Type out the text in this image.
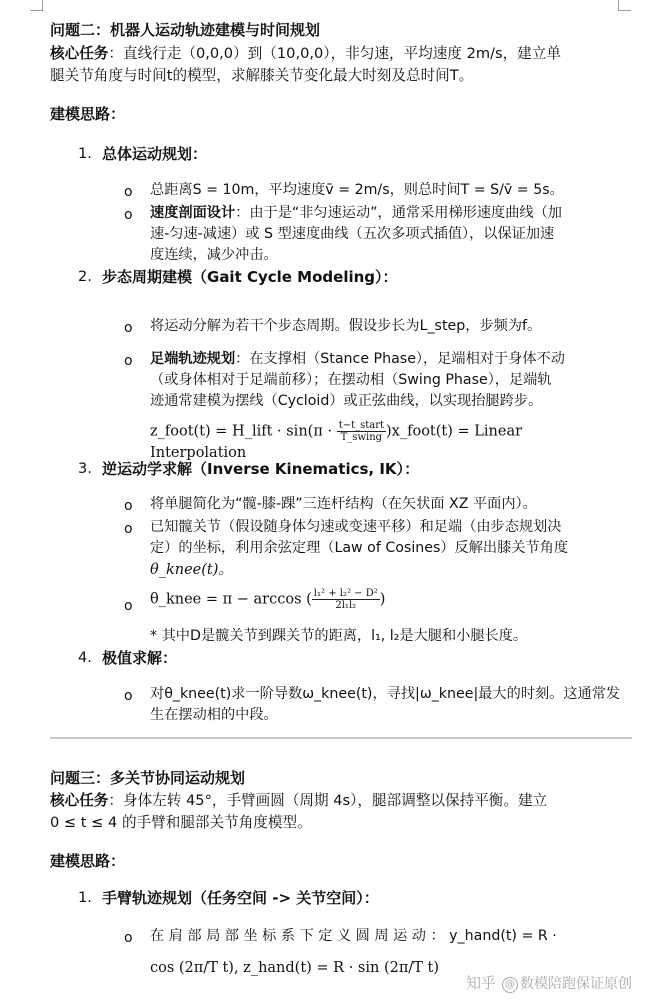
问题二：机器人运动轨迹建模与时间规划
核心任务：直线行走（0,0,0）到（10,0,0），非匀速，平均速度 2m/s，建立单
腿关节角度与时间t的模型，求解膝关节变化最大时刻及总时间T。
建模思路：
1. 总体运动规划：
o 总距离S = 10m，平均速度v̄ = 2m/s，则总时间T = S/v̄ = 5s。
o 速度剖面设计：由于是“非匀速运动”，通常采用梯形速度曲线（加
速-匀速-减速）或 S 型速度曲线（五次多项式插值），以保证加速
度连续，减少冲击。
2. 步态周期建模（Gait Cycle Modeling）：
o 将运动分解为若干个步态周期。假设步长为L_step，步频为f。
o 足端轨迹规划：在支撑相（Stance Phase），足端相对于身体不动
（或身体相对于足端前移）；在摆动相（Swing Phase），足端轨
迹通常建模为摆线（Cycloid）或正弦曲线，以实现抬腿跨步。
z_foot(t) = H_lift · $\sin(\pi \cdot \frac{\text{t−t\_start}}{\text{T\_swing}}$ )x_foot(t) = Linear Interpolation
3. 逆运动学求解（Inverse Kinematics, IK）：
o 将单腿简化为“髋-膝-踝”三连杆结构（在矢状面 XZ 平面内）。
o 已知髋关节（假设随身体匀速或变速平移）和足端（由步态规划决
定）的坐标，利用余弦定理（Law of Cosines）反解出膝关节角度
θ_knee(t)。
o θ_knee = π − arccos ( $\frac{\text{l₁² + l₂² − D²}}{\text{2l₁l₂}}$ )
* 其中D是髋关节到踝关节的距离，l₁, l₂是大腿和小腿长度。
4. 极值求解：
o 对θ_knee(t)求一阶导数ω_knee(t)，寻找|ω_knee|最大的时刻。这通常发
生在摆动相的中段。
问题三：多关节协同运动规划
核心任务：身体左转 45°，手臂画圆（周期 4s），腿部调整以保持平衡。建立
0 ≤ t ≤ 4 的手臂和腿部关节角度模型。
建模思路：
1. 手臂轨迹规划（任务空间 -> 关节空间）：
o 在 肩 部 局 部 坐 标 系 下 定 义 圆 周 运 动 ： y_hand(t) = R ·
cos (2π/T t), z_hand(t) = R · sin (2π/T t)
知乎 @ 数模陪跑保证原创
